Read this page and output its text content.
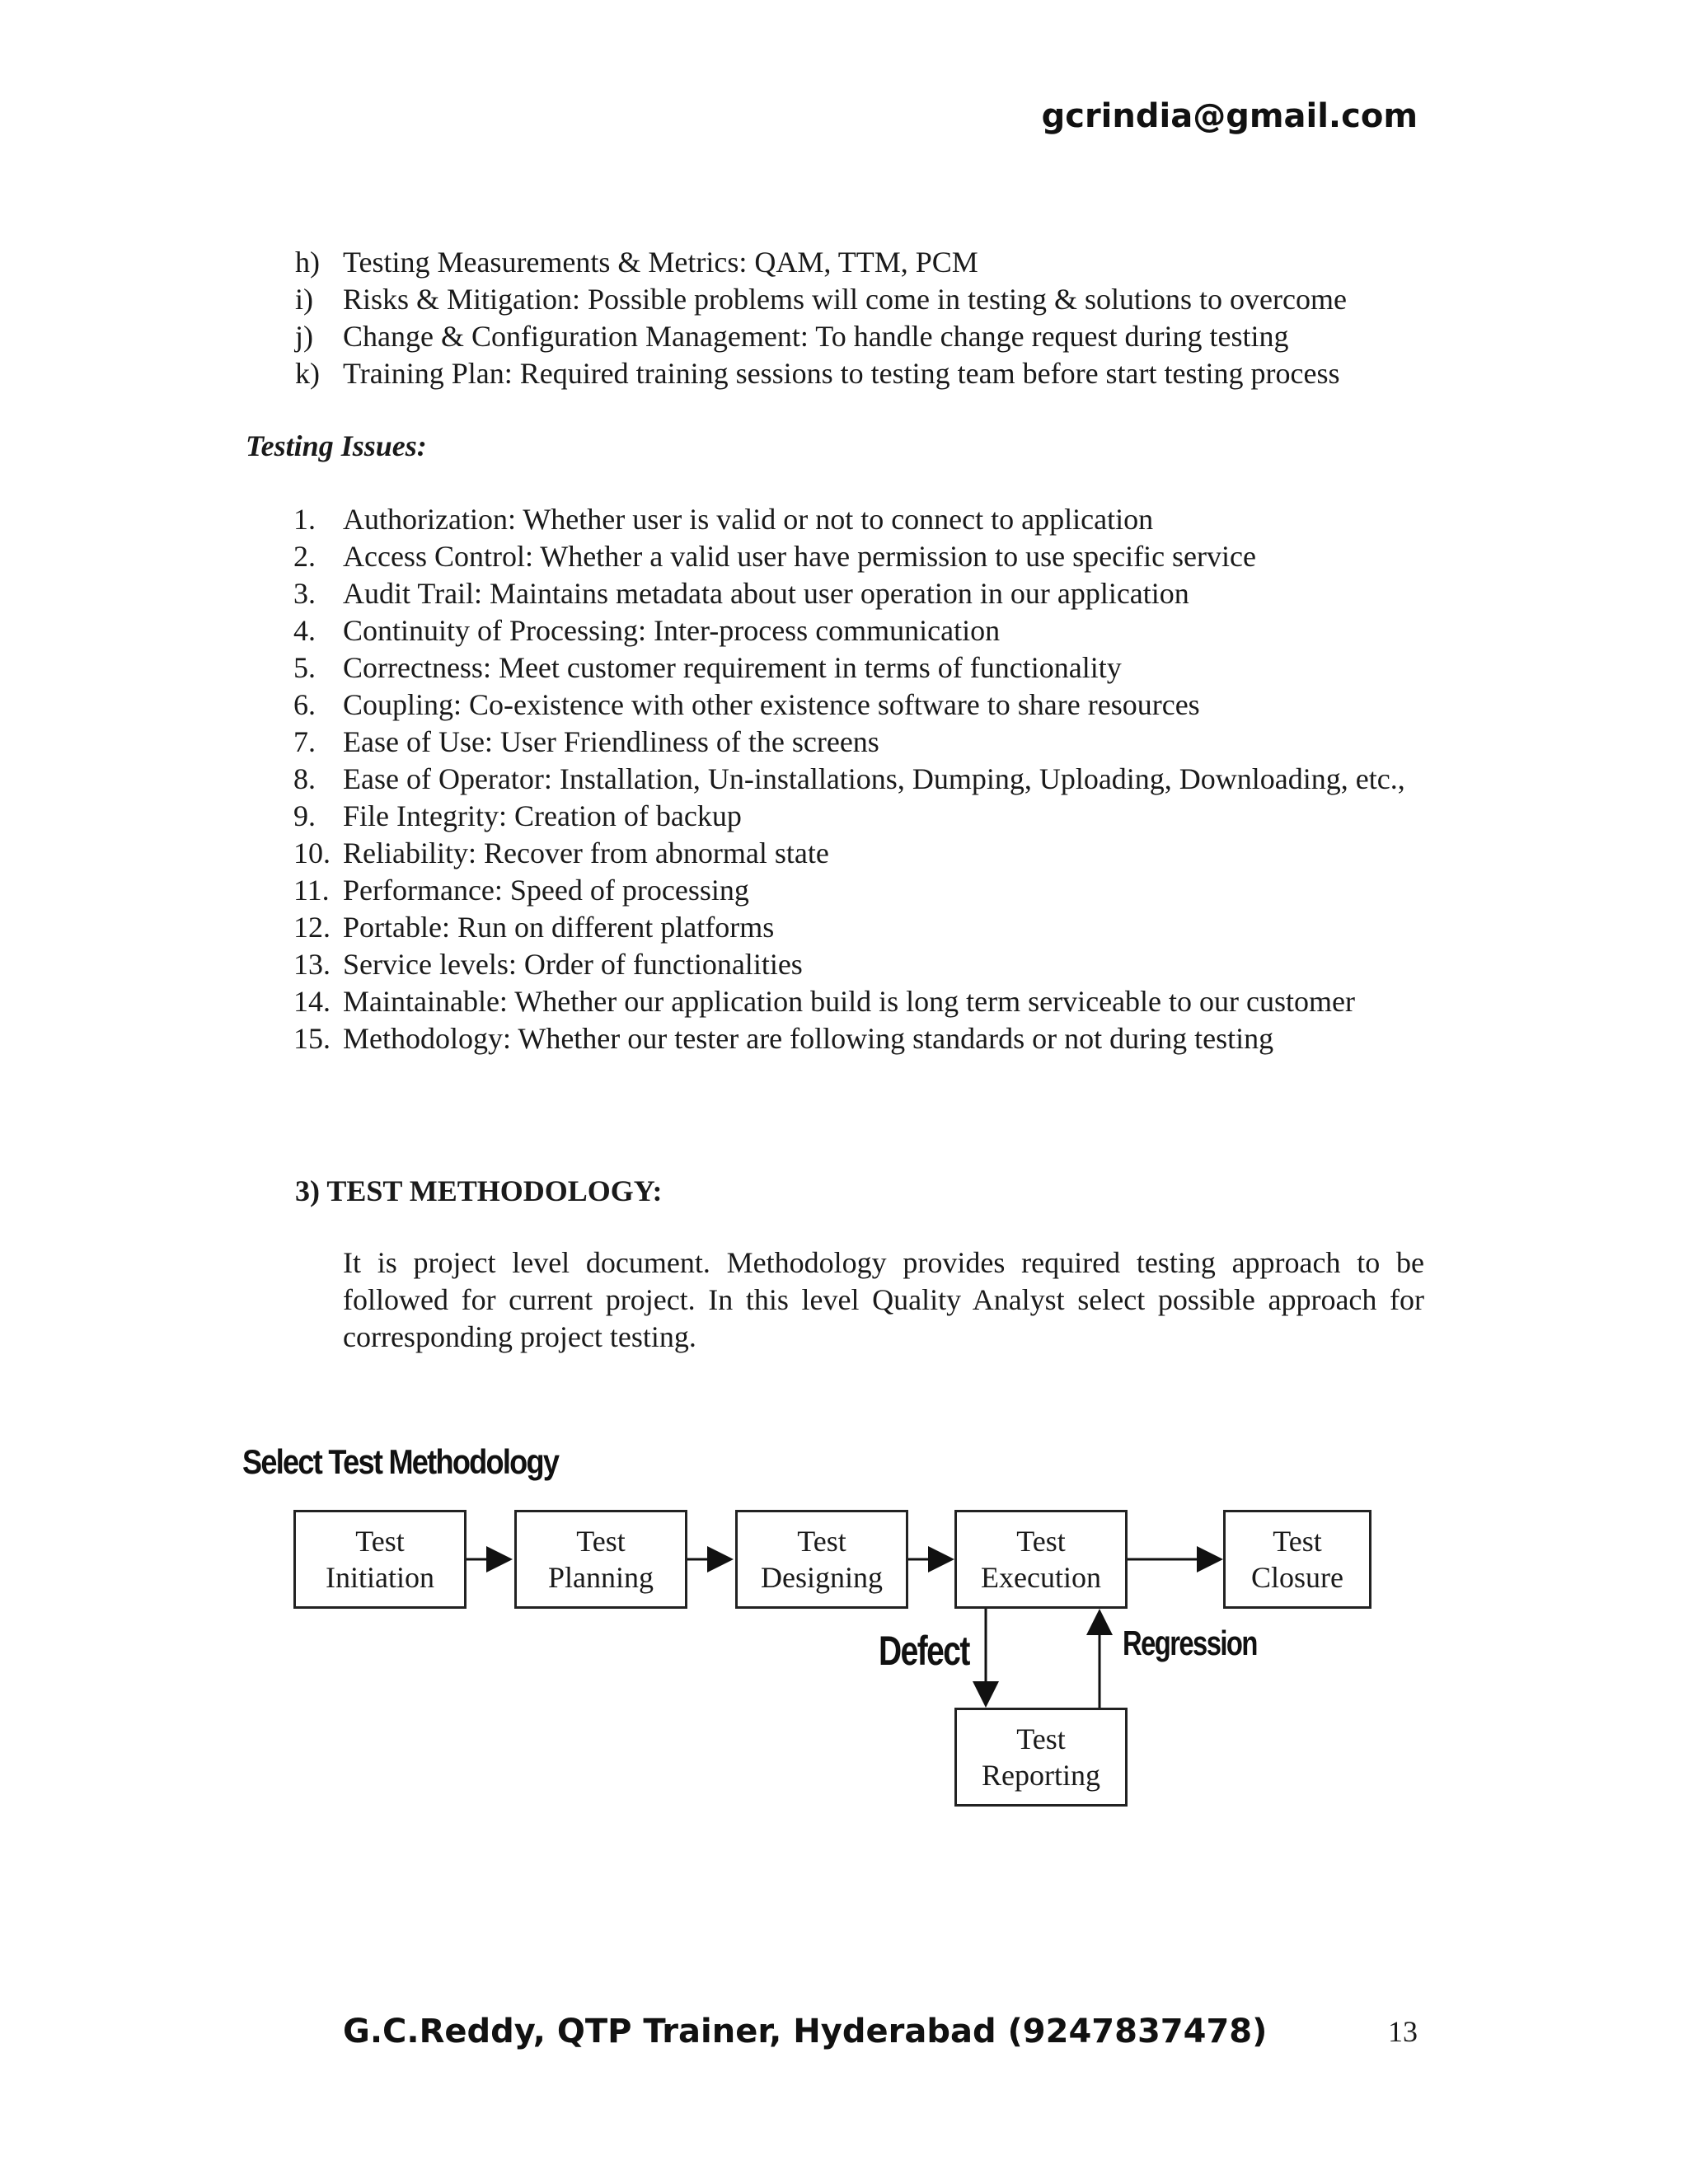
gcrindia@gmail.com
h) Testing Measurements & Metrics: QAM, TTM, PCM
i)	Risks & Mitigation: Possible problems will come in testing & solutions to overcome
j)	Change & Configuration Management: To handle change request during testing
k) Training Plan: Required training sessions to testing team before start testing process
Testing Issues:
1. Authorization: Whether user is valid or not to connect to application
2. Access Control: Whether a valid user have permission to use specific service
3. Audit Trail: Maintains metadata about user operation in our application
4. Continuity of Processing: Inter-process communication
5. Correctness: Meet customer requirement in terms of functionality
6. Coupling: Co-existence with other existence software to share resources
7. Ease of Use: User Friendliness of the screens
8. Ease of Operator: Installation, Un-installations, Dumping, Uploading, Downloading, etc.,
9. File Integrity: Creation of backup
10. Reliability: Recover from abnormal state
11. Performance: Speed of processing
12. Portable: Run on different platforms
13. Service levels: Order of functionalities
14. Maintainable: Whether our application build is long term serviceable to our customer
15. Methodology: Whether our tester are following standards or not during testing
3) TEST METHODOLOGY:
It is project level document. Methodology provides required testing approach to be followed for current project. In this level Quality Analyst select possible approach for corresponding project testing.
Select Test Methodology
Test
Initiation
Test
Planning
Test
Designing
Test
Execution
Test
Closure
Test
Reporting
Defect	Regression
G.C.Reddy, QTP Trainer, Hyderabad (9247837478)	13
